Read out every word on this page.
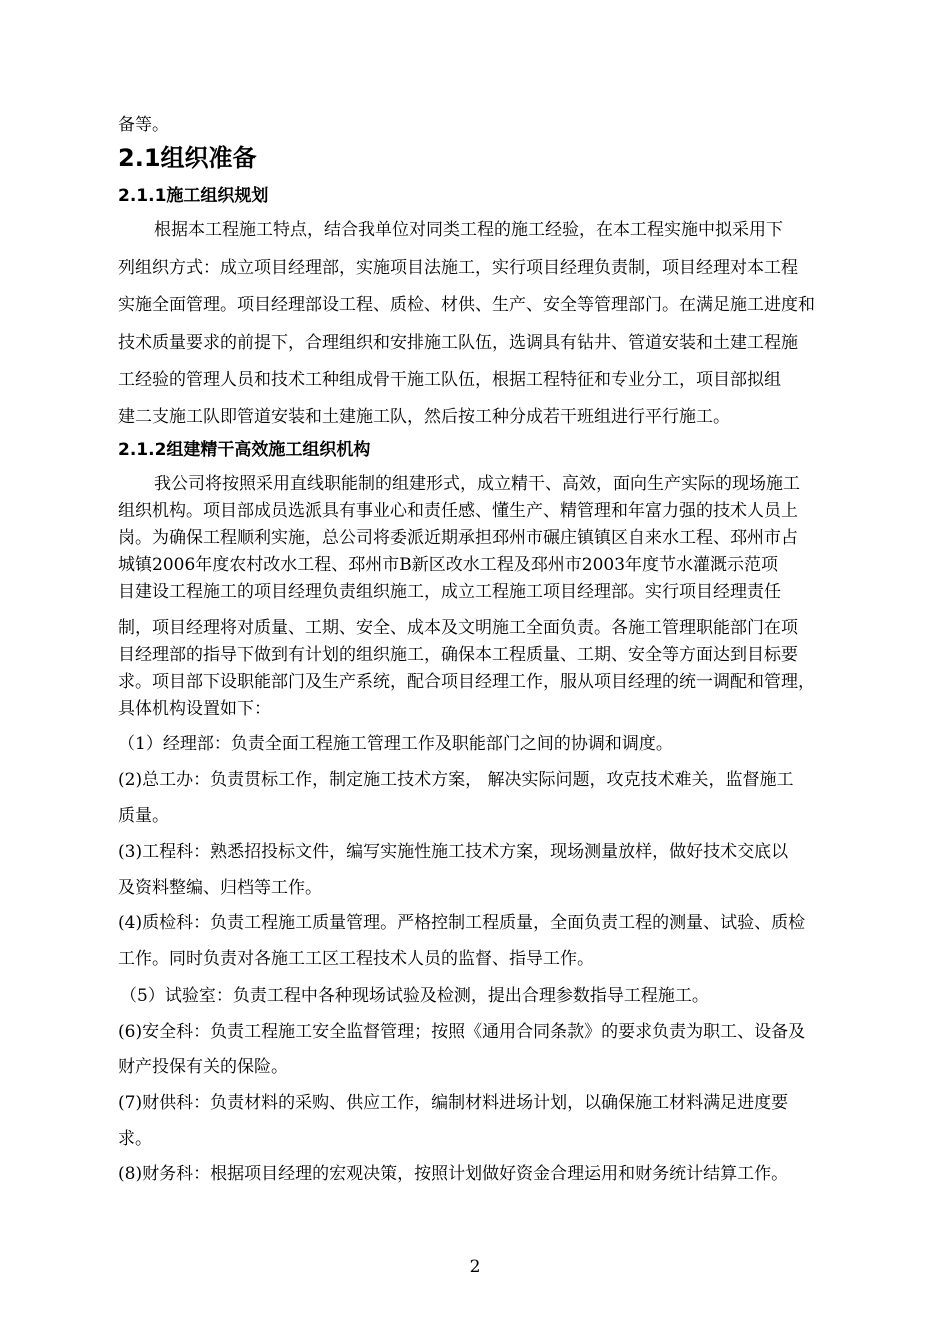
备等。

2.1组织准备
2.1.1施工组织规划

根据本工程施工特点，结合我单位对同类工程的施工经验，在本工程实施中拟采用下

列组织方式：成立项目经理部，实施项目法施工，实行项目经理负责制，项目经理对本工程

实施全面管理。项目经理部设工程、质检、材供、生产、安全等管理部门。在满足施工进度和

技术质量要求的前提下，合理组织和安排施工队伍，选调具有钻井、管道安装和土建工程施

工经验的管理人员和技术工种组成骨干施工队伍，根据工程特征和专业分工，项目部拟组

建二支施工队即管道安装和土建施工队，然后按工种分成若干班组进行平行施工。

2.1.2组建精干高效施工组织机构

我公司将按照采用直线职能制的组建形式，成立精干、高效，面向生产实际的现场施工

组织机构。项目部成员选派具有事业心和责任感、懂生产、精管理和年富力强的技术人员上

岗。为确保工程顺利实施，总公司将委派近期承担邳州市碾庄镇镇区自来水工程、邳州市占

城镇2006年度农村改水工程、邳州市B新区改水工程及邳州市2003年度节水灌溉示范项

目建设工程施工的项目经理负责组织施工，成立工程施工项目经理部。实行项目经理责任

制，项目经理将对质量、工期、安全、成本及文明施工全面负责。各施工管理职能部门在项

目经理部的指导下做到有计划的组织施工，确保本工程质量、工期、安全等方面达到目标要

求。项目部下设职能部门及生产系统，配合项目经理工作，服从项目经理的统一调配和管理，

具体机构设置如下：

（1）经理部：负责全面工程施工管理工作及职能部门之间的协调和调度。

(2)总工办：负责贯标工作，制定施工技术方案， 解决实际问题，攻克技术难关，监督施工

质量。

(3)工程科：熟悉招投标文件，编写实施性施工技术方案，现场测量放样，做好技术交底以

及资料整编、归档等工作。

(4)质检科：负责工程施工质量管理。严格控制工程质量，全面负责工程的测量、试验、质检

工作。同时负责对各施工工区工程技术人员的监督、指导工作。

（5）试验室：负责工程中各种现场试验及检测，提出合理参数指导工程施工。

(6)安全科：负责工程施工安全监督管理；按照《通用合同条款》的要求负责为职工、设备及

财产投保有关的保险。

(7)财供科：负责材料的采购、供应工作，编制材料进场计划，以确保施工材料满足进度要

求。

(8)财务科：根据项目经理的宏观决策，按照计划做好资金合理运用和财务统计结算工作。

2
